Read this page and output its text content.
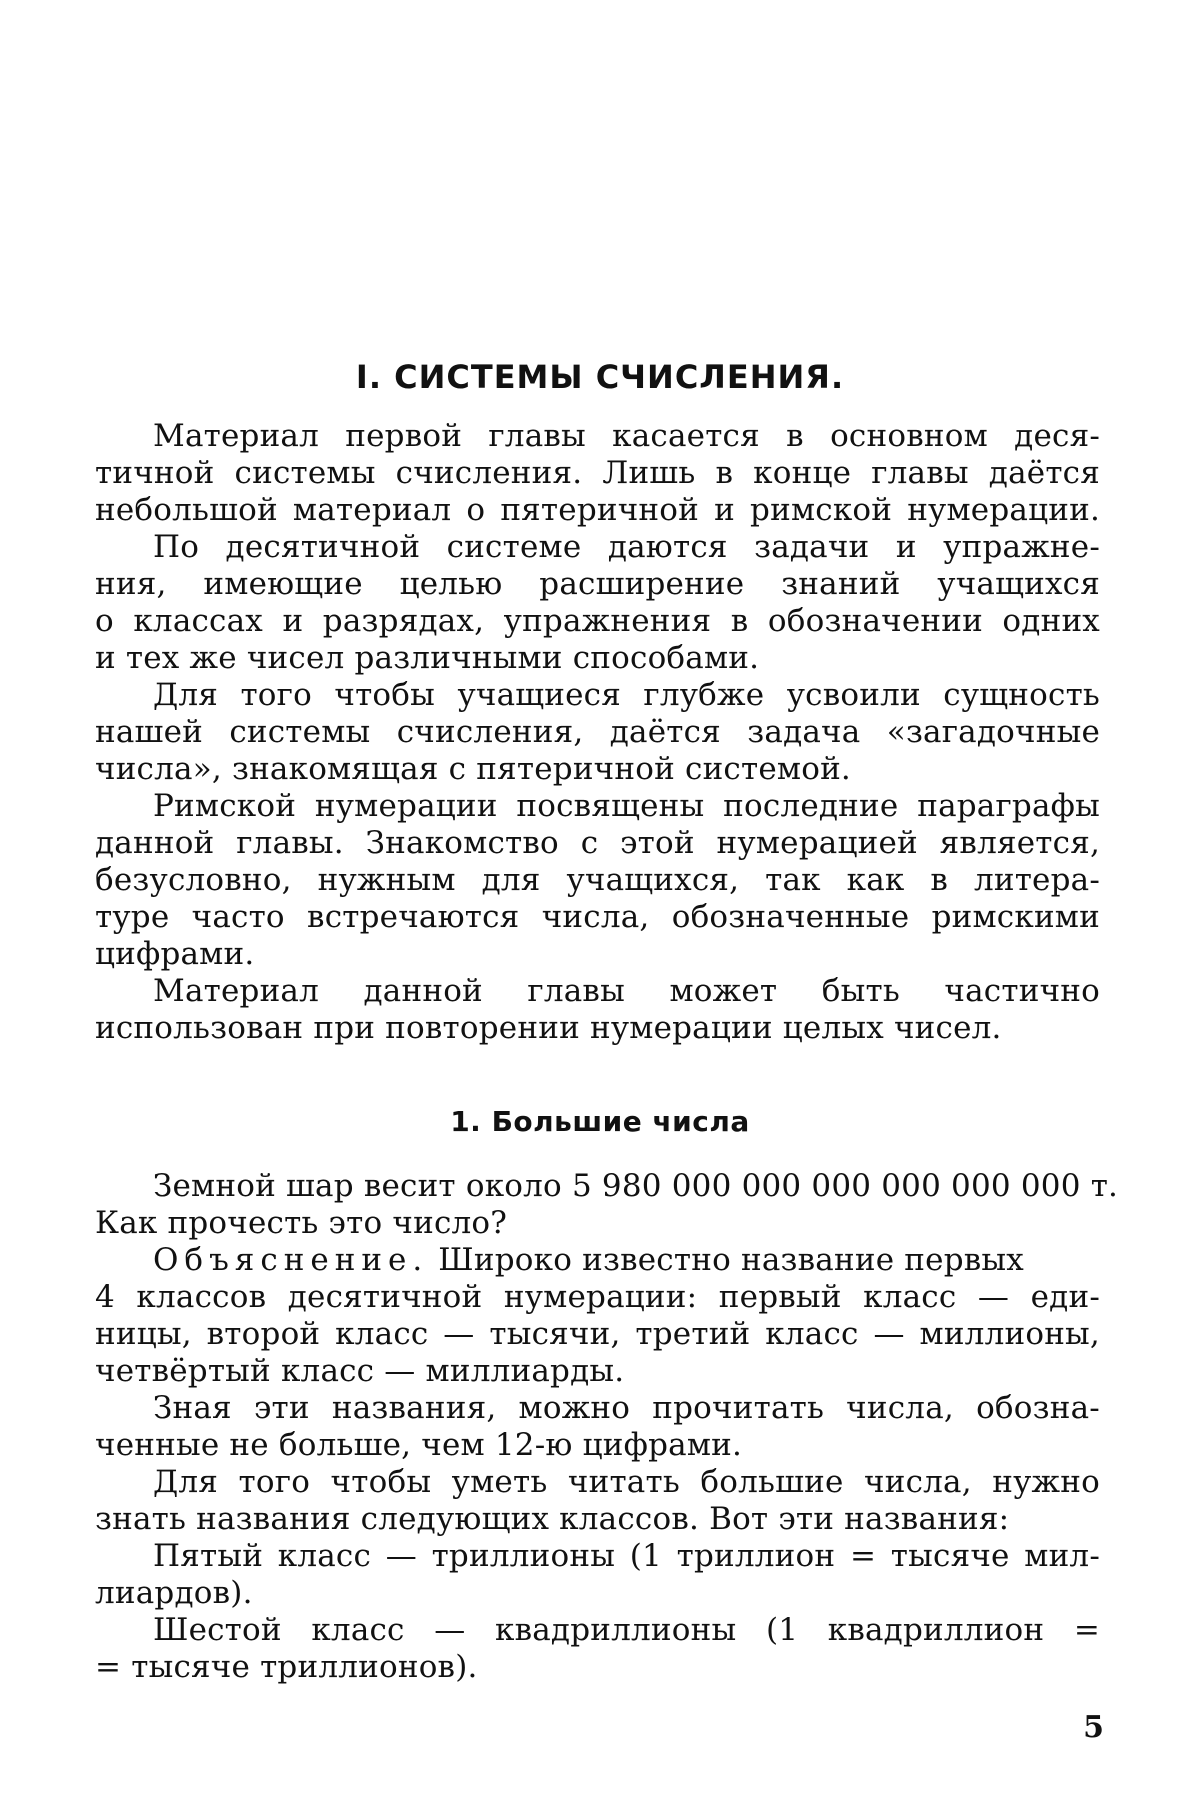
I. СИСТЕМЫ СЧИСЛЕНИЯ.
Материал первой главы касается в основном деся-
тичной системы счисления. Лишь в конце главы даётся
небольшой материал о пятеричной и римской нумерации.
По десятичной системе даются задачи и упражне-
ния, имеющие целью расширение знаний учащихся
о классах и разрядах, упражнения в обозначении одних
и тех же чисел различными способами.
Для того чтобы учащиеся глубже усвоили сущность
нашей системы счисления, даётся задача «загадочные
числа», знакомящая с пятеричной системой.
Римской нумерации посвящены последние параграфы
данной главы. Знакомство с этой нумерацией является,
безусловно, нужным для учащихся, так как в литера-
туре часто встречаются числа, обозначенные римскими
цифрами.
Материал данной главы может быть частично
использован при повторении нумерации целых чисел.
1. Большие числа
Земной шар весит около 5 980 000 000 000 000 000 000 т.
Как прочесть это число?
Объяснение. Широко известно название первых
4 классов десятичной нумерации: первый класс — еди-
ницы, второй класс — тысячи, третий класс — миллионы,
четвёртый класс — миллиарды.
Зная эти названия, можно прочитать числа, обозна-
ченные не больше, чем 12-ю цифрами.
Для того чтобы уметь читать большие числа, нужно
знать названия следующих классов. Вот эти названия:
Пятый класс — триллионы (1 триллион = тысяче мил-
лиардов).
Шестой класс — квадриллионы (1 квадриллион =
= тысяче триллионов).
5
